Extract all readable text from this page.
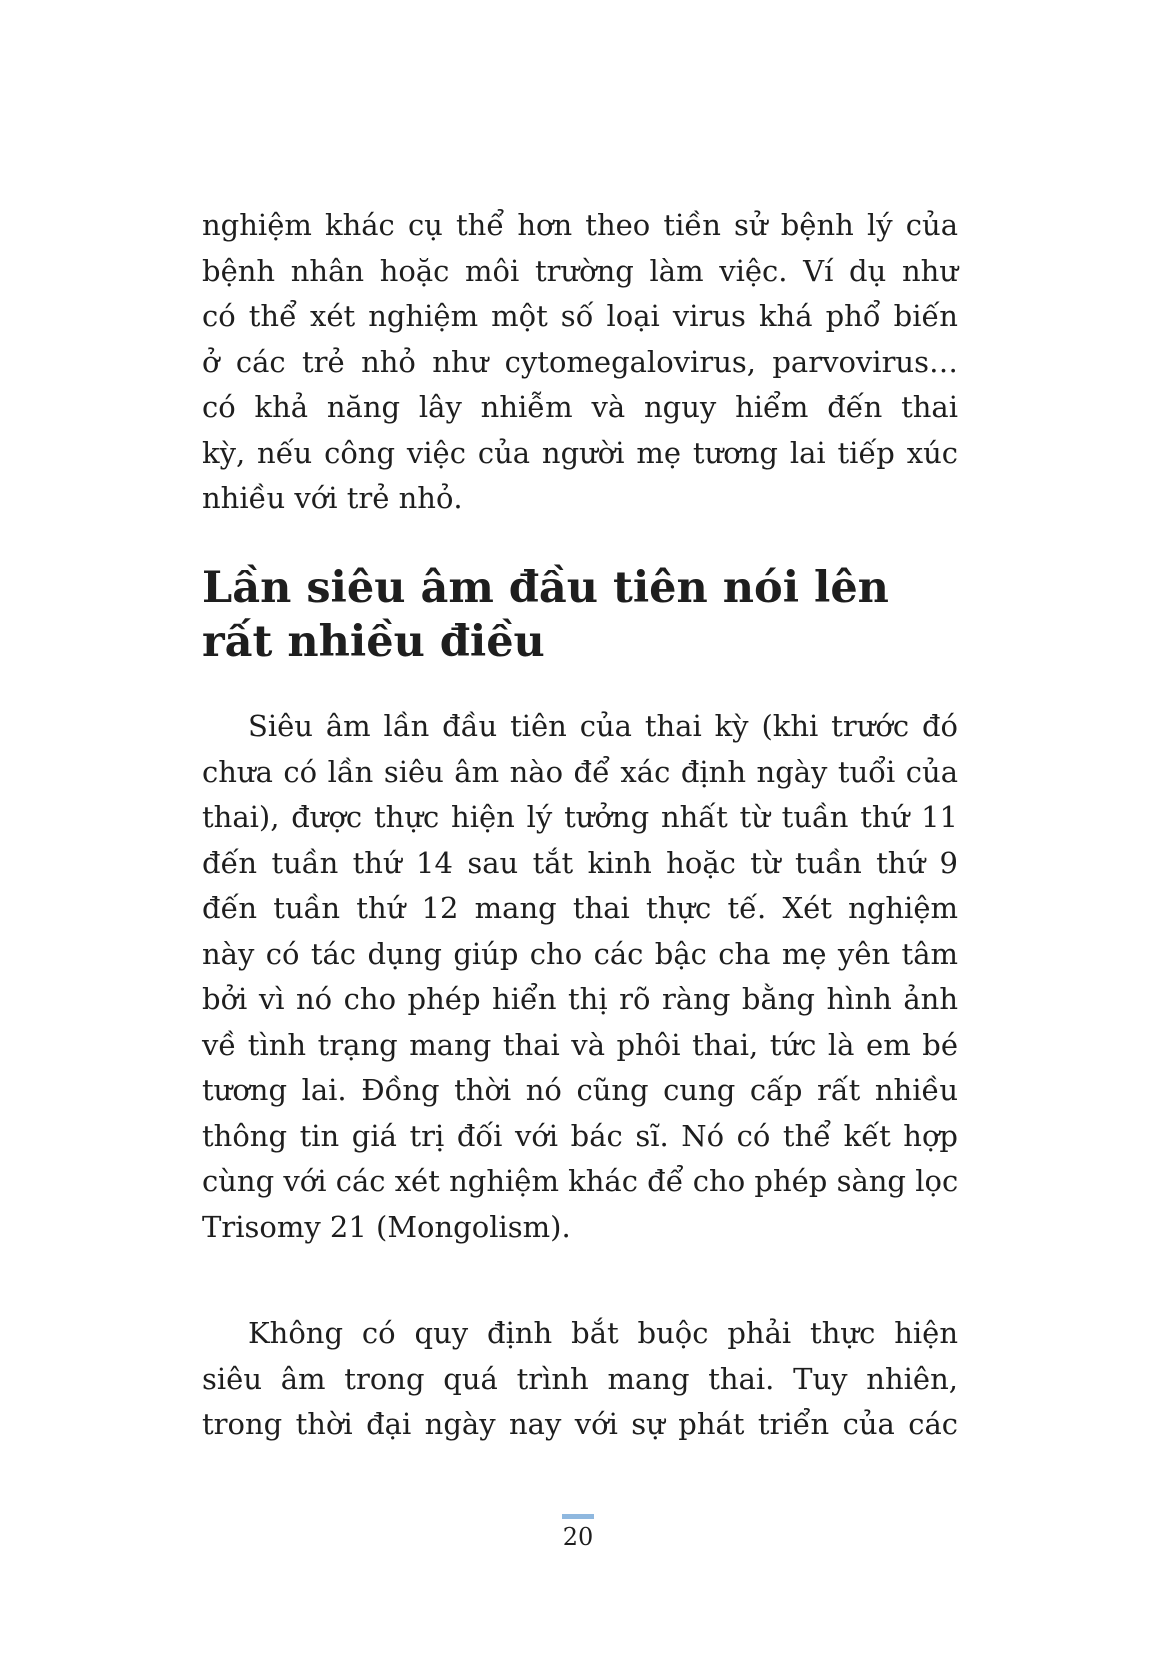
nghiệm khác cụ thể hơn theo tiền sử bệnh lý của
bệnh nhân hoặc môi trường làm việc. Ví dụ như
có thể xét nghiệm một số loại virus khá phổ biến
ở các trẻ nhỏ như cytomegalovirus, parvovirus…
có khả năng lây nhiễm và nguy hiểm đến thai
kỳ, nếu công việc của người mẹ tương lai tiếp xúc
nhiều với trẻ nhỏ.
Lần siêu âm đầu tiên nói lên
rất nhiều điều
Siêu âm lần đầu tiên của thai kỳ (khi trước đó
chưa có lần siêu âm nào để xác định ngày tuổi của
thai), được thực hiện lý tưởng nhất từ tuần thứ 11
đến tuần thứ 14 sau tắt kinh hoặc từ tuần thứ 9
đến tuần thứ 12 mang thai thực tế. Xét nghiệm
này có tác dụng giúp cho các bậc cha mẹ yên tâm
bởi vì nó cho phép hiển thị rõ ràng bằng hình ảnh
về tình trạng mang thai và phôi thai, tức là em bé
tương lai. Đồng thời nó cũng cung cấp rất nhiều
thông tin giá trị đối với bác sĩ. Nó có thể kết hợp
cùng với các xét nghiệm khác để cho phép sàng lọc
Trisomy 21 (Mongolism).
Không có quy định bắt buộc phải thực hiện
siêu âm trong quá trình mang thai. Tuy nhiên,
trong thời đại ngày nay với sự phát triển của các
20
